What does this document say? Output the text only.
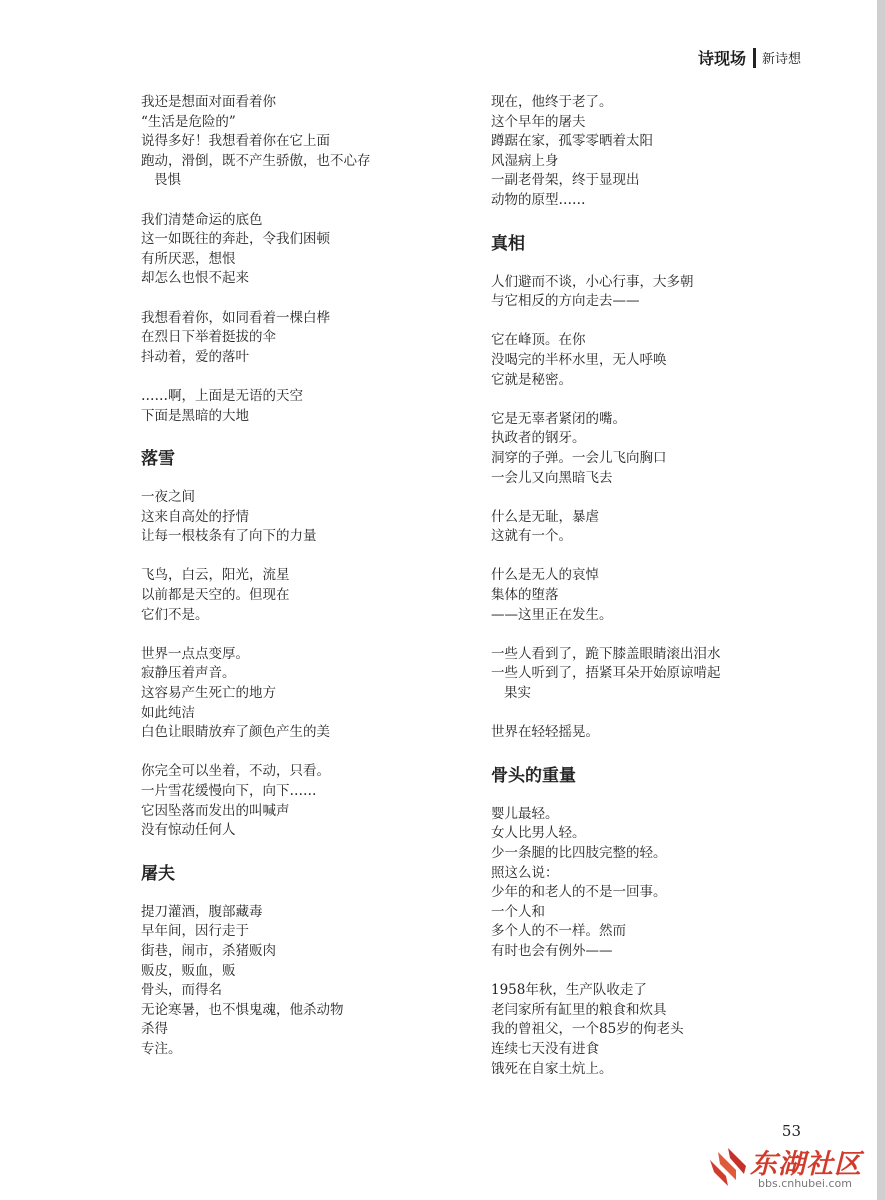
诗现场 新诗想
我还是想面对面看着你
“生活是危险的”
说得多好！我想看着你在它上面
跑动，滑倒，既不产生骄傲，也不心存
畏惧
我们清楚命运的底色
这一如既往的奔赴，令我们困顿
有所厌恶，想恨
却怎么也恨不起来
我想看着你，如同看着一棵白桦
在烈日下举着挺拔的伞
抖动着，爱的落叶
……啊，上面是无语的天空
下面是黑暗的大地
落雪
一夜之间
这来自高处的抒情
让每一根枝条有了向下的力量
飞鸟，白云，阳光，流星
以前都是天空的。但现在
它们不是。
世界一点点变厚。
寂静压着声音。
这容易产生死亡的地方
如此纯洁
白色让眼睛放弃了颜色产生的美
你完全可以坐着，不动，只看。
一片雪花缓慢向下，向下……
它因坠落而发出的叫喊声
没有惊动任何人
屠夫
提刀灌酒，腹部藏毒
早年间，因行走于
街巷，闹市，杀猪贩肉
贩皮，贩血，贩
骨头，而得名
无论寒暑，也不惧鬼魂，他杀动物
杀得
专注。
现在，他终于老了。
这个早年的屠夫
蹲踞在家，孤零零晒着太阳
风湿病上身
一副老骨架，终于显现出
动物的原型……
真相
人们避而不谈，小心行事，大多朝
与它相反的方向走去——
它在峰顶。在你
没喝完的半杯水里，无人呼唤
它就是秘密。
它是无辜者紧闭的嘴。
执政者的钢牙。
洞穿的子弹。一会儿飞向胸口
一会儿又向黑暗飞去
什么是无耻，暴虐
这就有一个。
什么是无人的哀悼
集体的堕落
——这里正在发生。
一些人看到了，跪下膝盖眼睛滚出泪水
一些人听到了，捂紧耳朵开始原谅啃起
果实
世界在轻轻摇晃。
骨头的重量
婴儿最轻。
女人比男人轻。
少一条腿的比四肢完整的轻。
照这么说：
少年的和老人的不是一回事。
一个人和
多个人的不一样。然而
有时也会有例外——
1958年秋，生产队收走了
老闫家所有缸里的粮食和炊具
我的曾祖父，一个85岁的佝老头
连续七天没有进食
饿死在自家土炕上。
53
东湖社区
bbs.cnhubei.com
